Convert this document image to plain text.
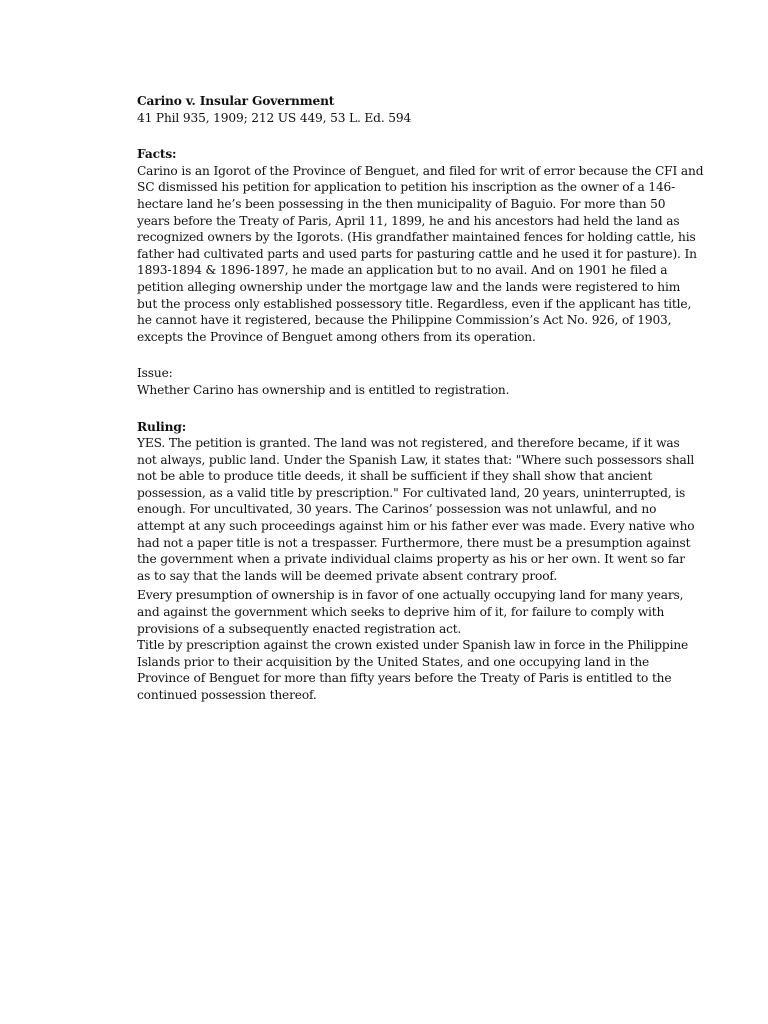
Carino v. Insular Government
41 Phil 935, 1909; 212 US 449, 53 L. Ed. 594
Facts:
Carino is an Igorot of the Province of Benguet, and filed for writ of error because the CFI and
SC dismissed his petition for application to petition his inscription as the owner of a 146-
hectare land he’s been possessing in the then municipality of Baguio. For more than 50
years before the Treaty of Paris, April 11, 1899, he and his ancestors had held the land as
recognized owners by the Igorots. (His grandfather maintained fences for holding cattle, his
father had cultivated parts and used parts for pasturing cattle and he used it for pasture). In
1893-1894 & 1896-1897, he made an application but to no avail. And on 1901 he filed a
petition alleging ownership under the mortgage law and the lands were registered to him
but the process only established possessory title. Regardless, even if the applicant has title,
he cannot have it registered, because the Philippine Commission’s Act No. 926, of 1903,
excepts the Province of Benguet among others from its operation.
Issue:
Whether Carino has ownership and is entitled to registration.
Ruling:
YES. The petition is granted. The land was not registered, and therefore became, if it was
not always, public land. Under the Spanish Law, it states that: "Where such possessors shall
not be able to produce title deeds, it shall be sufficient if they shall show that ancient
possession, as a valid title by prescription." For cultivated land, 20 years, uninterrupted, is
enough. For uncultivated, 30 years. The Carinos’ possession was not unlawful, and no
attempt at any such proceedings against him or his father ever was made. Every native who
had not a paper title is not a trespasser. Furthermore, there must be a presumption against
the government when a private individual claims property as his or her own. It went so far
as to say that the lands will be deemed private absent contrary proof.
Every presumption of ownership is in favor of one actually occupying land for many years,
and against the government which seeks to deprive him of it, for failure to comply with
provisions of a subsequently enacted registration act.
Title by prescription against the crown existed under Spanish law in force in the Philippine
Islands prior to their acquisition by the United States, and one occupying land in the
Province of Benguet for more than fifty years before the Treaty of Paris is entitled to the
continued possession thereof.
